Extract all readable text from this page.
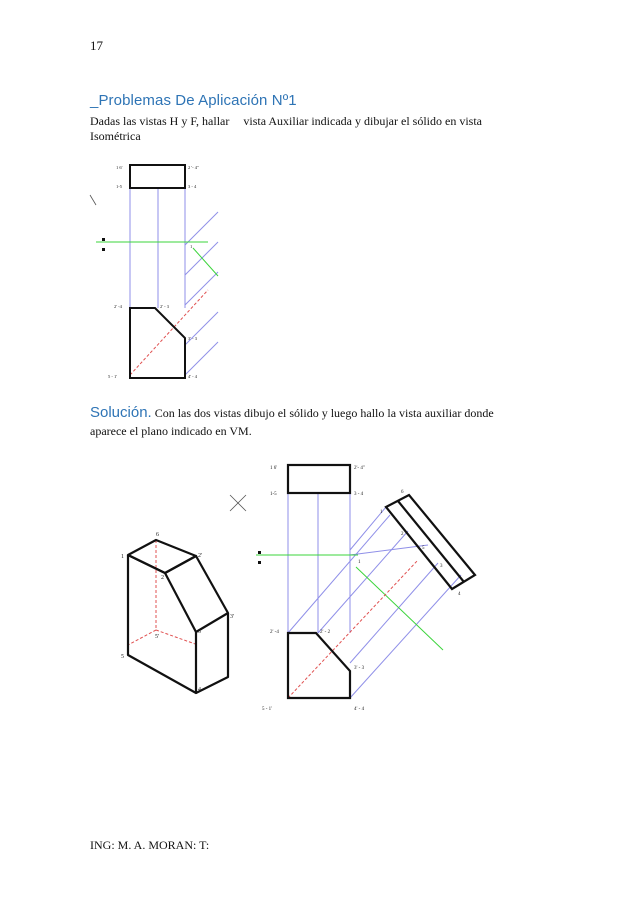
17
_Problemas De Aplicación Nº1
Dadas las vistas H y F, hallar vista Auxiliar indicada y dibujar el sólido en vista
Isométrica
1 6'	2 '- 4"
1-5	3 - 4
1
2' -4	2' - 3
3' - 3
5 - 1'	4' - 4
Solución. Con las dos vistas dibujo el sólido y luego hallo la vista auxiliar donde
aparece el plano indicado en VM.
1
6
2'
2
3'
3
5'
5
4
1 6'	2'- 4"
1-5	3 - 4
1
2' -4	2' - 2
3' - 3
5 - 1'	4' - 4
6
1
2
5
3
4
ING: M. A. MORAN: T:
